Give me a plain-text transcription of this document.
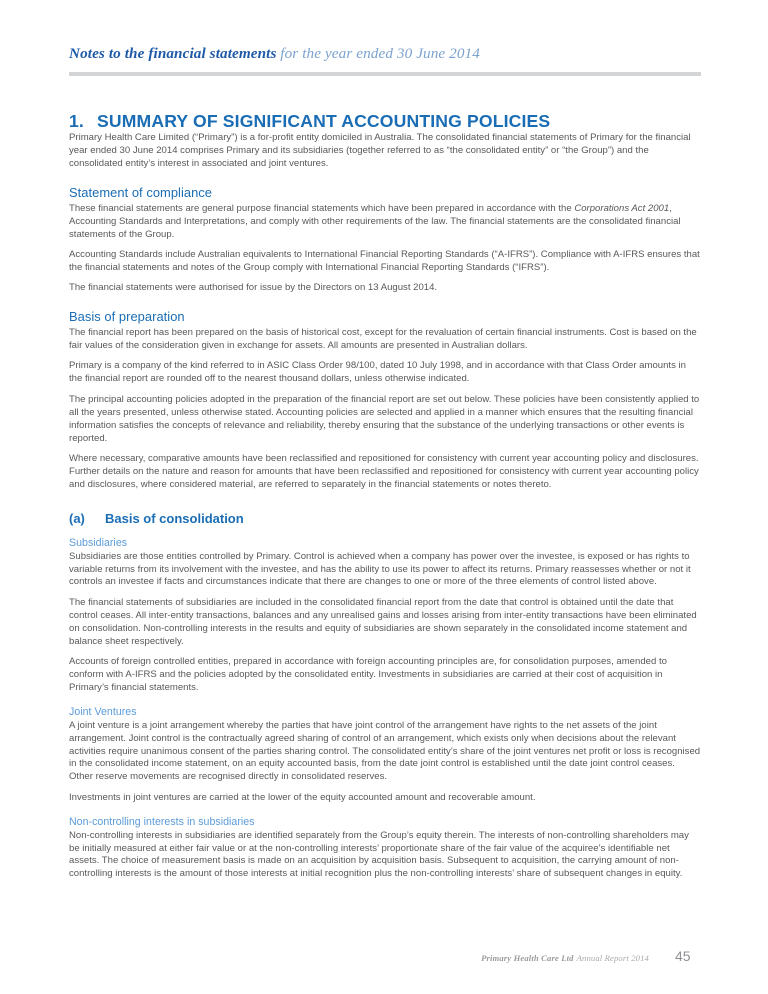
Notes to the financial statements for the year ended 30 June 2014
1. SUMMARY OF SIGNIFICANT ACCOUNTING POLICIES

Primary Health Care Limited (“Primary”) is a for-profit entity domiciled in Australia. The consolidated financial statements of Primary for the financial year ended 30 June 2014 comprises Primary and its subsidiaries (together referred to as “the consolidated entity” or “the Group”) and the consolidated entity’s interest in associated and joint ventures.

Statement of compliance

These financial statements are general purpose financial statements which have been prepared in accordance with the Corporations Act 2001, Accounting Standards and Interpretations, and comply with other requirements of the law. The financial statements are the consolidated financial statements of the Group.

Accounting Standards include Australian equivalents to International Financial Reporting Standards (“A-IFRS”). Compliance with A-IFRS ensures that the financial statements and notes of the Group comply with International Financial Reporting Standards (“IFRS”).

The financial statements were authorised for issue by the Directors on 13 August 2014.

Basis of preparation

The financial report has been prepared on the basis of historical cost, except for the revaluation of certain financial instruments. Cost is based on the fair values of the consideration given in exchange for assets. All amounts are presented in Australian dollars.

Primary is a company of the kind referred to in ASIC Class Order 98/100, dated 10 July 1998, and in accordance with that Class Order amounts in the financial report are rounded off to the nearest thousand dollars, unless otherwise indicated.

The principal accounting policies adopted in the preparation of the financial report are set out below. These policies have been consistently applied to all the years presented, unless otherwise stated. Accounting policies are selected and applied in a manner which ensures that the resulting financial information satisfies the concepts of relevance and reliability, thereby ensuring that the substance of the underlying transactions or other events is reported.

Where necessary, comparative amounts have been reclassified and repositioned for consistency with current year accounting policy and disclosures. Further details on the nature and reason for amounts that have been reclassified and repositioned for consistency with current year accounting policy and disclosures, where considered material, are referred to separately in the financial statements or notes thereto.

(a)	Basis of consolidation
Subsidiaries

Subsidiaries are those entities controlled by Primary. Control is achieved when a company has power over the investee, is exposed or has rights to variable returns from its involvement with the investee, and has the ability to use its power to affect its returns. Primary reassesses whether or not it controls an investee if facts and circumstances indicate that there are changes to one or more of the three elements of control listed above.

The financial statements of subsidiaries are included in the consolidated financial report from the date that control is obtained until the date that control ceases. All inter-entity transactions, balances and any unrealised gains and losses arising from inter-entity transactions have been eliminated on consolidation. Non-controlling interests in the results and equity of subsidiaries are shown separately in the consolidated income statement and balance sheet respectively.

Accounts of foreign controlled entities, prepared in accordance with foreign accounting principles are, for consolidation purposes, amended to conform with A-IFRS and the policies adopted by the consolidated entity. Investments in subsidiaries are carried at their cost of acquisition in Primary’s financial statements.

Joint Ventures

A joint venture is a joint arrangement whereby the parties that have joint control of the arrangement have rights to the net assets of the joint arrangement. Joint control is the contractually agreed sharing of control of an arrangement, which exists only when decisions about the relevant activities require unanimous consent of the parties sharing control. The consolidated entity’s share of the joint ventures net profit or loss is recognised in the consolidated income statement, on an equity accounted basis, from the date joint control is established until the date joint control ceases. Other reserve movements are recognised directly in consolidated reserves.

Investments in joint ventures are carried at the lower of the equity accounted amount and recoverable amount.

Non-controlling interests in subsidiaries

Non-controlling interests in subsidiaries are identified separately from the Group’s equity therein. The interests of non-controlling shareholders may be initially measured at either fair value or at the non-controlling interests’ proportionate share of the fair value of the acquiree’s identifiable net assets. The choice of measurement basis is made on an acquisition by acquisition basis. Subsequent to acquisition, the carrying amount of non-controlling interests is the amount of those interests at initial recognition plus the non-controlling interests’ share of subsequent changes in equity.

Primary Health Care Ltd Annual Report 2014 45
